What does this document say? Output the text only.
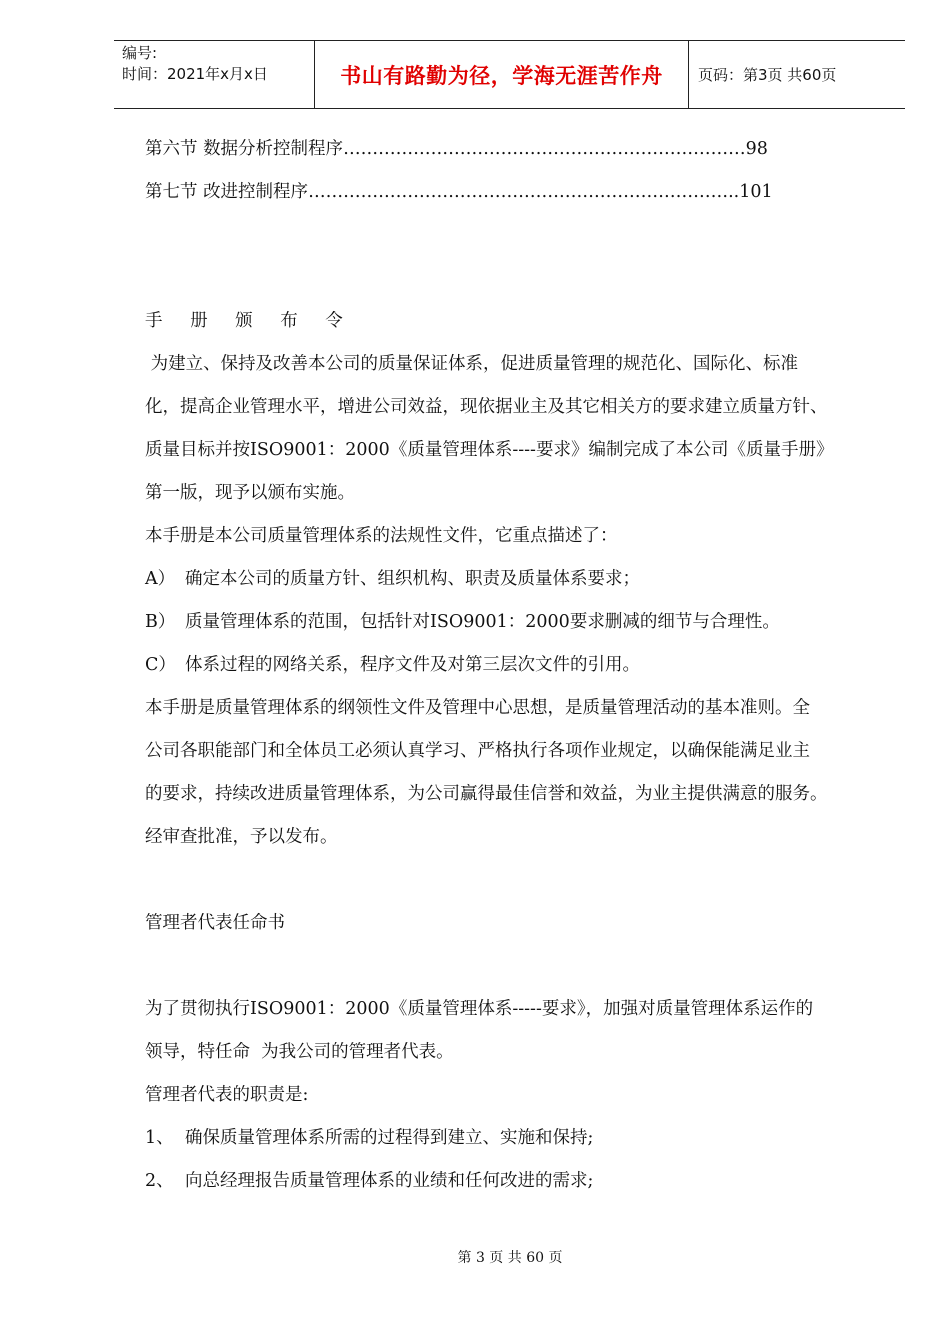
编号:
时间：2021年x月x日	书山有路勤为径，学海无涯苦作舟 页码：第3页 共60页
第六节 数据分析控制程序 …………………………………………………………… 98
第七节 改进控制程序 ……………………………………………………………… ..101
手 册 颁 布 令
为建立、保持及改善本公司的质量保证体系，促进质量管理的规范化、国际化、标准
化，提高企业管理水平，增进公司效益，现依据业主及其它相关方的要求建立质量方针、
质量目标并按ISO9001：2000《质量管理体系----要求》编制完成了本公司《质量手册》
第一版，现予以颁布实施。
本手册是本公司质量管理体系的法规性文件，它重点描述了：
A） 确定本公司的质量方针、组织机构、职责及质量体系要求；
B） 质量管理体系的范围，包括针对ISO9001：2000要求删减的细节与合理性。
C） 体系过程的网络关系，程序文件及对第三层次文件的引用。
本手册是质量管理体系的纲领性文件及管理中心思想，是质量管理活动的基本准则。全
公司各职能部门和全体员工必须认真学习、严格执行各项作业规定，以确保能满足业主
的要求，持续改进质量管理体系，为公司赢得最佳信誉和效益，为业主提供满意的服务。
经审查批准，予以发布。
管理者代表任命书
为了贯彻执行ISO9001：2000《质量管理体系-----要求》，加强对质量管理体系运作的
领导，特任命  为我公司的管理者代表。
管理者代表的职责是:
1、 确保质量管理体系所需的过程得到建立、实施和保持;
2、 向总经理报告质量管理体系的业绩和任何改进的需求;
第 3 页 共 60 页
